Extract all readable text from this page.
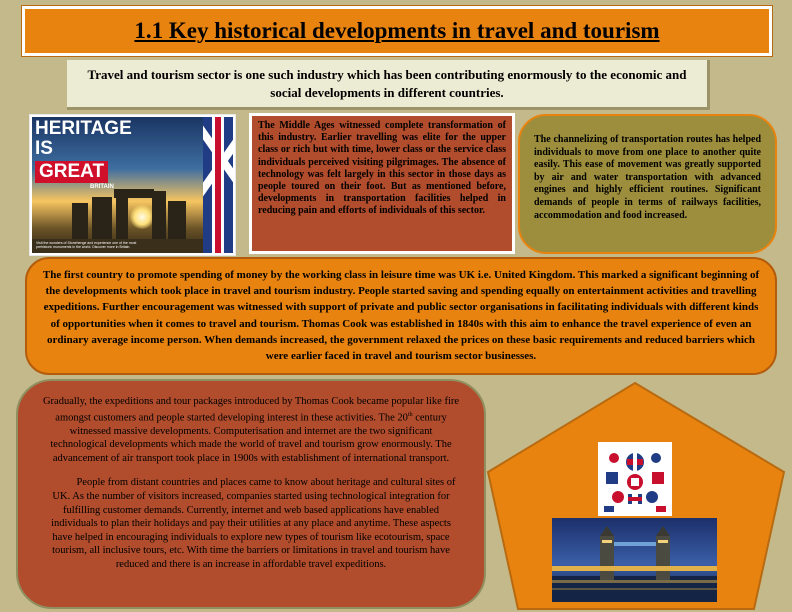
1.1 Key historical developments in travel and tourism
Travel and tourism sector is one such industry which has been contributing enormously to the economic and social developments in different countries.
HERITAGE
IS
GREAT
BRITAIN
Visit the wonders of Stonehenge and experience one of the most prehistoric monuments in the world. Discover more in Britain.
The Middle Ages witnessed complete transformation of this industry. Earlier travelling was elite for the upper class or rich but with time, lower class or the service class individuals perceived visiting pilgrimages. The absence of technology was felt largely in this sector in those days as people toured on their foot. But as mentioned before, developments in transportation facilities helped in reducing pain and efforts of individuals of this sector.
The channelizing of transportation routes has helped individuals to move from one place to another quite easily. This ease of movement was greatly supported by air and water transportation with advanced engines and highly efficient routines. Significant demands of people in terms of railways facilities, accommodation and food increased.
The first country to promote spending of money by the working class in leisure time was UK i.e. United Kingdom. This marked a significant beginning of the developments which took place in travel and tourism industry. People started saving and spending equally on entertainment activities and travelling expeditions. Further encouragement was witnessed with support of private and public sector organisations in facilitating individuals with different kinds of opportunities when it comes to travel and tourism. Thomas Cook was established in 1840s with this aim to enhance the travel experience of even an ordinary average income person. When demands increased, the government relaxed the prices on these basic requirements and reduced barriers which were earlier faced in travel and tourism sector businesses.

Gradually, the expeditions and tour packages introduced by Thomas Cook became popular like fire amongst customers and people started developing interest in these activities. The 20th century witnessed massive developments. Computerisation and internet are the two significant technological developments which made the world of travel and tourism grow enormously. The advancement of air transport took place in 1900s with establishment of international transport.

People from distant countries and places came to know about heritage and cultural sites of UK. As the number of visitors increased, companies started using technological integration for fulfilling customer demands. Currently, internet and web based applications have enabled individuals to plan their holidays and pay their utilities at any place and anytime. These aspects have helped in encouraging individuals to explore new types of tourism like ecotourism, space tourism, all inclusive tours, etc. With time the barriers or limitations in travel and tourism have reduced and there is an increase in affordable travel expeditions.
